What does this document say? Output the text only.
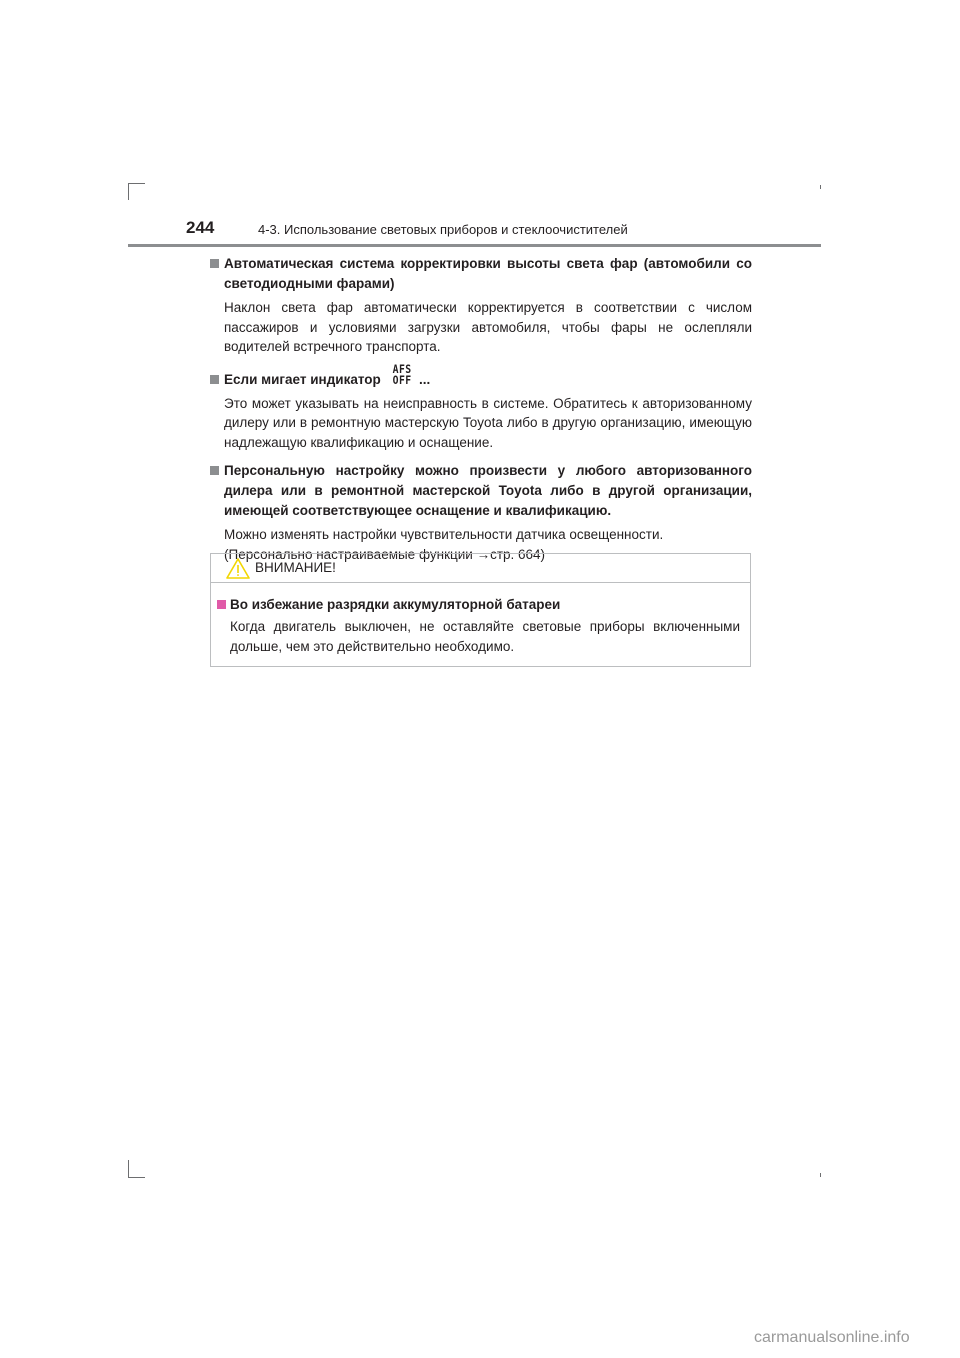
244	4-3. Использование световых приборов и стеклоочистителей
Автоматическая система корректировки высоты света фар (автомобили со светодиодными фарами)
Наклон света фар автоматически корректируется в соответствии с числом пассажиров и условиями загрузки автомобиля, чтобы фары не ослепляли водителей встречного транспорта.
Если мигает индикаторAFS
OFF ...
Это может указывать на неисправность в системе. Обратитесь к авторизованному дилеру или в ремонтную мастерскую Toyota либо в другую организацию, имеющую надлежащую квалификацию и оснащение.
Персональную настройку можно произвести у любого авторизованного дилера или в ремонтной мастерской Toyota либо в другой организации, имеющей соответствующее оснащение и квалификацию.
Можно изменять настройки чувствительности датчика освещенности.
(Персонально настраиваемые функции →стр. 664)
ВНИМАНИЕ!
Во избежание разрядки аккумуляторной батареи
Когда двигатель выключен, не оставляйте световые приборы включенными дольше, чем это действительно необходимо.
carmanualsonline.info
